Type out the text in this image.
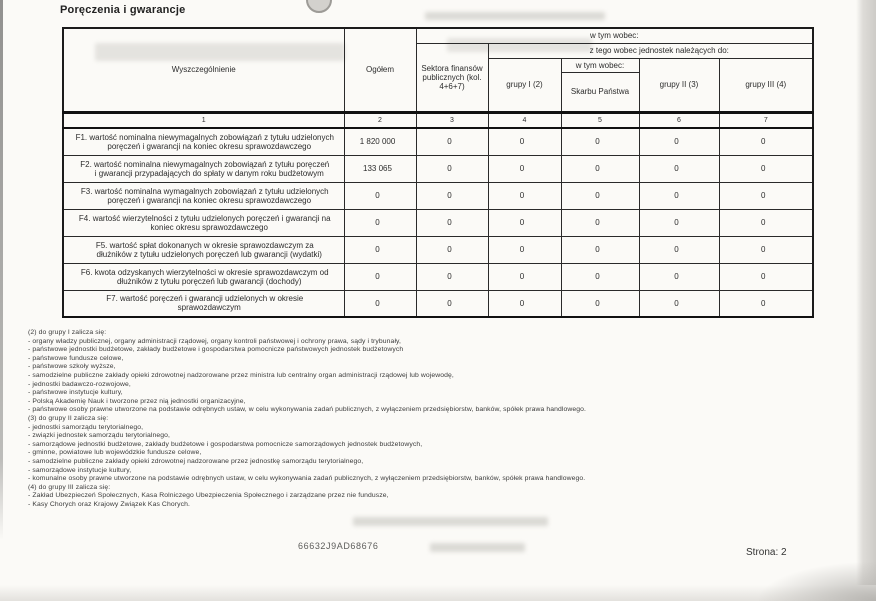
Poręczenia i gwarancje
Wyszczególnienie	Ogółem	w tym wobec:				
		Sektora finansów publicznych (kol. 4+6+7)	z tego wobec jednostek należących do:			
			grupy I (2)	w tym wobec:	grupy II (3)	grupy III (4)
				Skarbu Państwa		
1	2	3	4	5	6	7

F1. wartość nominalna niewymagalnych zobowiązań z tytułu udzielonych
poręczeń i gwarancji na koniec okresu sprawozdawczego	1 820 000	0	0	0	0	0

F2. wartość nominalna niewymagalnych zobowiązań z tytułu poręczeń
i gwarancji przypadających do spłaty w danym roku budżetowym	133 065	0	0	0	0	0

F3. wartość nominalna wymagalnych zobowiązań z tytułu udzielonych
poręczeń i gwarancji na koniec okresu sprawozdawczego	0	0	0	0	0	0

F4. wartość wierzytelności z tytułu udzielonych poręczeń i gwarancji na
koniec okresu sprawozdawczego	0	0	0	0	0	0

F5. wartość spłat dokonanych w okresie sprawozdawczym za
dłużników z tytułu udzielonych poręczeń lub gwarancji (wydatki)	0	0	0	0	0	0

F6. kwota odzyskanych wierzytelności w okresie sprawozdawczym od
dłużników z tytułu poręczeń lub gwarancji (dochody)	0	0	0	0	0	0

F7. wartość poręczeń i gwarancji udzielonych w okresie
sprawozdawczym	0	0	0	0	0	0
(2) do grupy I zalicza się:
- organy władzy publicznej, organy administracji rządowej, organy kontroli państwowej i ochrony prawa, sądy i trybunały,
- państwowe jednostki budżetowe, zakłady budżetowe i gospodarstwa pomocnicze państwowych jednostek budżetowych
- państwowe fundusze celowe,
- państwowe szkoły wyższe,
- samodzielne publiczne zakłady opieki zdrowotnej nadzorowane przez ministra lub centralny organ administracji rządowej lub wojewodę,
- jednostki badawczo-rozwojowe,
- państwowe instytucje kultury,
- Polską Akademię Nauk i tworzone przez nią jednostki organizacyjne,
- państwowe osoby prawne utworzone na podstawie odrębnych ustaw, w celu wykonywania zadań publicznych, z wyłączeniem przedsiębiorstw, banków, spółek prawa handlowego.
(3) do grupy II zalicza się:
- jednostki samorządu terytorialnego,
- związki jednostek samorządu terytorialnego,
- samorządowe jednostki budżetowe, zakłady budżetowe i gospodarstwa pomocnicze samorządowych jednostek budżetowych,
- gminne, powiatowe lub wojewódzkie fundusze celowe,
- samodzielne publiczne zakłady opieki zdrowotnej nadzorowane przez jednostkę samorządu terytorialnego,
- samorządowe instytucje kultury,
- komunalne osoby prawne utworzone na podstawie odrębnych ustaw, w celu wykonywania zadań publicznych, z wyłączeniem przedsiębiorstw, banków, spółek prawa handlowego.
(4) do grupy III zalicza się:
- Zakład Ubezpieczeń Społecznych, Kasa Rolniczego Ubezpieczenia Społecznego i zarządzane przez nie fundusze,
- Kasy Chorych oraz Krajowy Związek Kas Chorych.
66632J9AD68676
Strona: 2
